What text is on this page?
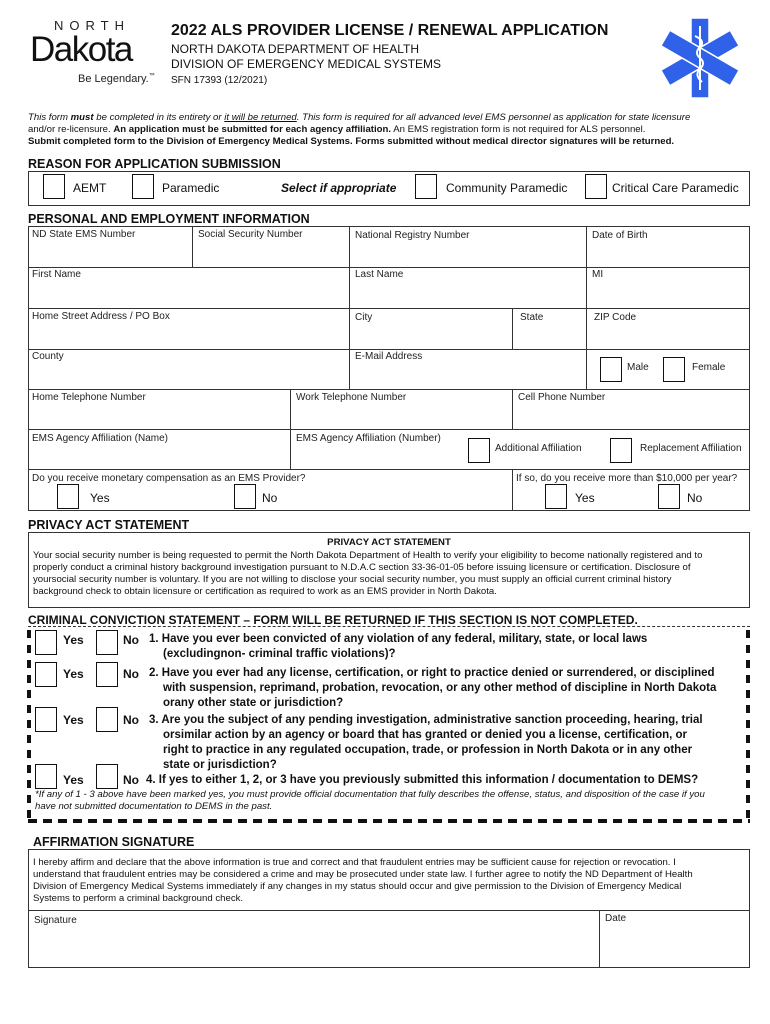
NORTH
Dakota
Be Legendary.™
2022 ALS PROVIDER LICENSE / RENEWAL APPLICATION
NORTH DAKOTA DEPARTMENT OF HEALTH
DIVISION OF EMERGENCY MEDICAL SYSTEMS
SFN 17393 (12/2021)
This form must be completed in its entirety or it will be returned. This form is required for all advanced level EMS personnel as application for state licensure
and/or re-licensure. An application must be submitted for each agency affiliation. An EMS registration form is not required for ALS personnel.
Submit completed form to the Division of Emergency Medical Systems. Forms submitted without medical director signatures will be returned.
REASON FOR APPLICATION SUBMISSION
AEMT	Paramedic	Select if appropriate	Community Paramedic	Critical Care Paramedic
PERSONAL AND EMPLOYMENT INFORMATION
ND State EMS Number	Social Security Number	National Registry Number	Date of Birth
First Name	Last Name	MI
Home Street Address / PO Box	City	State	ZIP Code
County	E-Mail Address
Male	Female
Home Telephone Number	Work Telephone Number	Cell Phone Number
EMS Agency Affiliation (Name)	EMS Agency Affiliation (Number)
Additional Affiliation	Replacement Affiliation
Do you receive monetary compensation as an EMS Provider?
Yes	No
If so, do you receive more than $10,000 per year?
Yes	No
PRIVACY ACT STATEMENT
PRIVACY ACT STATEMENT
Your social security number is being requested to permit the North Dakota Department of Health to verify your eligibility to become nationally registered and to
properly conduct a criminal history background investigation pursuant to N.D.A.C section 33-36-01-05 before issuing licensure or certification. Disclosure of
yoursocial security number is voluntary. If you are not willing to disclose your social security number, you must supply an official current criminal history
background check to obtain licensure or certification as required to work as an EMS provider in North Dakota.
CRIMINAL CONVICTION STATEMENT – FORM WILL BE RETURNED IF THIS SECTION IS NOT COMPLETED.
Yes	No 1. Have you ever been convicted of any violation of any federal, military, state, or local laws
(excludingnon- criminal traffic violations)?
Yes	No 2. Have you ever had any license, certification, or right to practice denied or surrendered, or disciplined
with suspension, reprimand, probation, revocation, or any other method of discipline in North Dakota
orany other state or jurisdiction?
Yes	No 3. Are you the subject of any pending investigation, administrative sanction proceeding, hearing, trial
orsimilar action by an agency or board that has granted or denied you a license, certification, or
right to practice in any regulated occupation, trade, or profession in North Dakota or in any other
state or jurisdiction?
Yes	No 4. If yes to either 1, 2, or 3 have you previously submitted this information / documentation to DEMS?
*If any of 1 - 3 above have been marked yes, you must provide official documentation that fully describes the offense, status, and disposition of the case if you
have not submitted documentation to DEMS in the past.
AFFIRMATION SIGNATURE
I hereby affirm and declare that the above information is true and correct and that fraudulent entries may be sufficient cause for rejection or revocation. I
understand that fraudulent entries may be considered a crime and may be prosecuted under state law. I further agree to notify the ND Department of Health
Division of Emergency Medical Systems immediately if any changes in my status should occur and give permission to the Division of Emergency Medical
Systems to perform a criminal background check.
Signature	Date
